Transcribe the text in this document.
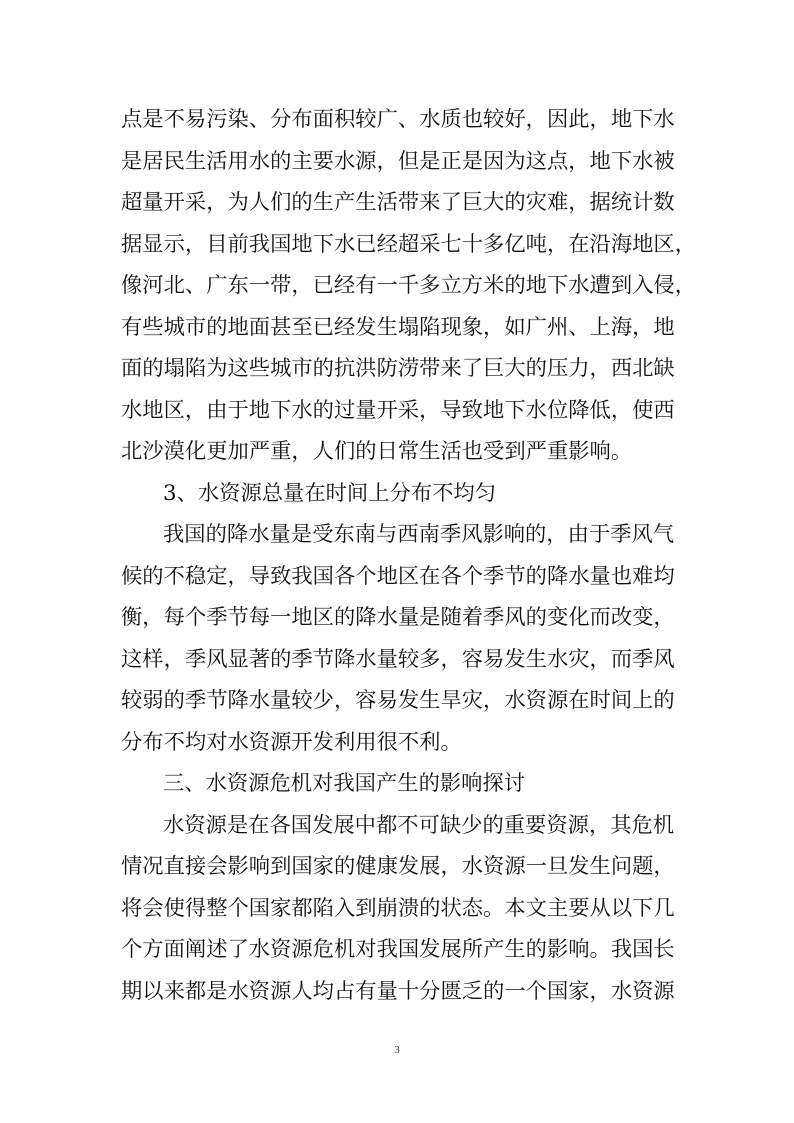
点是不易污染、分布面积较广、水质也较好，因此，地下水
是居民生活用水的主要水源，但是正是因为这点，地下水被
超量开采，为人们的生产生活带来了巨大的灾难，据统计数
据显示，目前我国地下水已经超采七十多亿吨，在沿海地区，
像河北、广东一带，已经有一千多立方米的地下水遭到入侵，
有些城市的地面甚至已经发生塌陷现象，如广州、上海，地
面的塌陷为这些城市的抗洪防涝带来了巨大的压力，西北缺
水地区，由于地下水的过量开采，导致地下水位降低，使西
北沙漠化更加严重，人们的日常生活也受到严重影响。
3、水资源总量在时间上分布不均匀
我国的降水量是受东南与西南季风影响的，由于季风气
候的不稳定，导致我国各个地区在各个季节的降水量也难均
衡，每个季节每一地区的降水量是随着季风的变化而改变，
这样，季风显著的季节降水量较多，容易发生水灾，而季风
较弱的季节降水量较少，容易发生旱灾，水资源在时间上的
分布不均对水资源开发利用很不利。
三、水资源危机对我国产生的影响探讨
水资源是在各国发展中都不可缺少的重要资源，其危机
情况直接会影响到国家的健康发展，水资源一旦发生问题，
将会使得整个国家都陷入到崩溃的状态。本文主要从以下几
个方面阐述了水资源危机对我国发展所产生的影响。我国长
期以来都是水资源人均占有量十分匮乏的一个国家，水资源
3
